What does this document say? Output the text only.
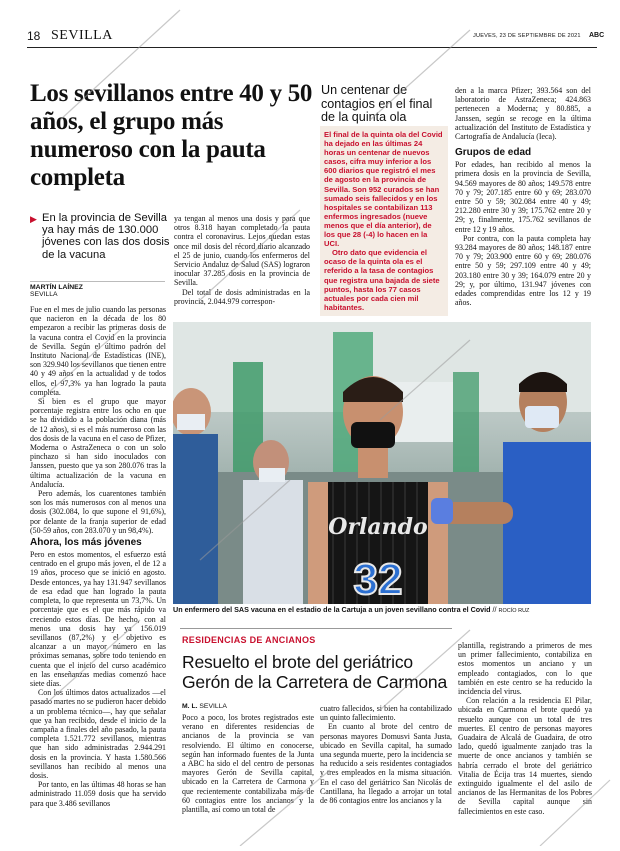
18 SEVILLA	JUEVES, 23 DE SEPTIEMBRE DE 2021 ABC
Los sevillanos entre 40 y 50 años, el grupo más numeroso con la pauta completa
▶ En la provincia de Sevilla ya hay más de 130.000 jóvenes con las dos dosis de la vacuna
MARTÍN LAÍNEZ
SEVILLA

Fue en el mes de julio cuando las personas que nacieron en la década de los 80 empezaron a recibir las primeras dosis de la vacuna contra el Covid en la provincia de Sevilla. Según el último padrón del Instituto Nacional de Estadísticas (INE), son 329.940 los sevillanos que tienen entre 40 y 49 años en la actualidad y de todos ellos, el 97,3% ya han logrado la pauta completa.

Si bien es el grupo que mayor porcentaje registra entre los ocho en que se ha dividido a la población diana (más de 12 años), si es el más numeroso con las dos dosis de la vacuna en el caso de Pfizer, Moderna o AstraZeneca o con un solo pinchazo si han sido inoculados con Janssen, puesto que ya son 280.076 tras la última actualización de la vacuna en Andalucía.

Pero además, los cuarentones también son los más numerosos con al menos una dosis (302.084, lo que supone el 91,6%), por delante de la franja superior de edad (50-59 años, con 283.070 y un 98,4%).

Ahora, los más jóvenes

Pero en estos momentos, el esfuerzo está centrado en el grupo más joven, el de 12 a 19 años, proceso que se inició en agosto. Desde entonces, ya hay 131.947 sevillanos de esa edad que han logrado la pauta completa, lo que representa un 73,7%. Un porcentaje que es el que más rápido va creciendo estos días. De hecho, con al menos una dosis hay ya 156.019 sevillanos (87,2%) y el objetivo es alcanzar a un mayor número en las próximas semanas, sobre todo teniendo en cuenta que el inicio del curso académico en las enseñanzas medias comenzó hace siete días.

Con los últimos datos actualizados —el pasado martes no se pudieron hacer debido a un problema técnico—, hay que señalar que ya han recibido, desde el inicio de la campaña a finales del año pasado, la pauta completa 1.521.772 sevillanos, mientras que han sido administradas 2.944.291 dosis en la provincia. Y hasta 1.580.566 sevillanos han recibido al menos una dosis.

Por tanto, en las últimas 48 horas se han administrado 11.059 dosis que ha servido para que 3.486 sevillanos

ya tengan al menos una dosis y para que otros 8.318 hayan completado la pauta contra el coronavirus. Lejos quedan estas once mil dosis del récord diario alcanzado el 25 de junio, cuando los enfermeros del Servicio Andaluz de Salud (SAS) lograron inocular 37.285 dosis en la provincia de Sevilla.

Del total de dosis administradas en la provincia, 2.044.979 correspon-

Un centenar de contagios en el final de la quinta ola

El final de la quinta ola del Covid ha dejado en las últimas 24 horas un centenar de nuevos casos, cifra muy inferior a los 600 diarios que registró el mes de agosto en la provincia de Sevilla. Son 952 curados se han sumado seis fallecidos y en los hospitales se contabilizan 113 enfermos ingresados (nueve menos que el día anterior), de los que 28 (-4) lo hacen en la UCI.

Otro dato que evidencia el ocaso de la quinta ola es el referido a la tasa de contagios que registra una bajada de siete puntos, hasta los 77 casos actuales por cada cien mil habitantes.

den a la marca Pfizer; 393.564 son del laboratorio de AstraZeneca; 424.863 pertenecen a Moderna; y 80.885, a Janssen, según se recoge en la última actualización del Instituto de Estadística y Cartografía de Andalucía (Ieca).

Grupos de edad

Por edades, han recibido al menos la primera dosis en la provincia de Sevilla, 94.569 mayores de 80 años; 149.578 entre 70 y 79; 207.185 entre 60 y 69; 283.070 entre 50 y 59; 302.084 entre 40 y 49; 212.280 entre 30 y 39; 175.762 entre 20 y 29; y, finalmente, 175.762 sevillanos de entre 12 y 19 años.

Por contra, con la pauta completa hay 93.284 mayores de 80 años; 148.187 entre 70 y 79; 203.900 entre 60 y 69; 280.076 entre 50 y 59; 297.109 entre 40 y 49; 203.180 entre 30 y 39; 164.079 entre 20 y 29; y, por último, 131.947 jóvenes con edades comprendidas entre los 12 y 19 años.

Orlando
32
Un enfermero del SAS vacuna en el estadio de la Cartuja a un joven sevillano contra el Covid // ROCÍO RUZ
RESIDENCIAS DE ANCIANOS
Resuelto el brote del geriátrico Gerón de la Carretera de Carmona
M. L. SEVILLA

Poco a poco, los brotes registrados este verano en diferentes residencias de ancianos de la provincia se van resolviendo. El último en conocerse, según han informado fuentes de la Junta a ABC ha sido el del centro de personas mayores Gerón de Sevilla capital, ubicado en la Carretera de Carmona y que recientemente contabilizaba más de 60 contagios entre los ancianos y la plantilla, así como un total de

cuatro fallecidos, si bien ha contabilizado un quinto fallecimiento.

En cuanto al brote del centro de personas mayores Domusvi Santa Justa, ubicado en Sevilla capital, ha sumado una segunda muerte, pero la incidencia se ha reducido a seis residentes contagiados y tres empleados en la misma situación. En el caso del geriátrico San Nicolás de Cantillana, ha llegado a arrojar un total de 86 contagios entre los ancianos y la

plantilla, registrando a primeros de mes un primer fallecimiento, contabiliza en estos momentos un anciano y un empleado contagiados, con lo que también en este centro se ha reducido la incidencia del virus.

Con relación a la residencia El Pilar, ubicada en Carmona el brote quedó ya resuelto aunque con un total de tres muertes. El centro de personas mayores Guadaira de Alcalá de Guadaira, de otro lado, quedó igualmente zanjado tras la muerte de once ancianos y también se habría cerrado el brote del geriátrico Vitalia de Écija tras 14 muertes, siendo extinguido igualmente el del asilo de ancianos de las Hermanitas de los Pobres de Sevilla capital aunque sin fallecimientos en este caso.
